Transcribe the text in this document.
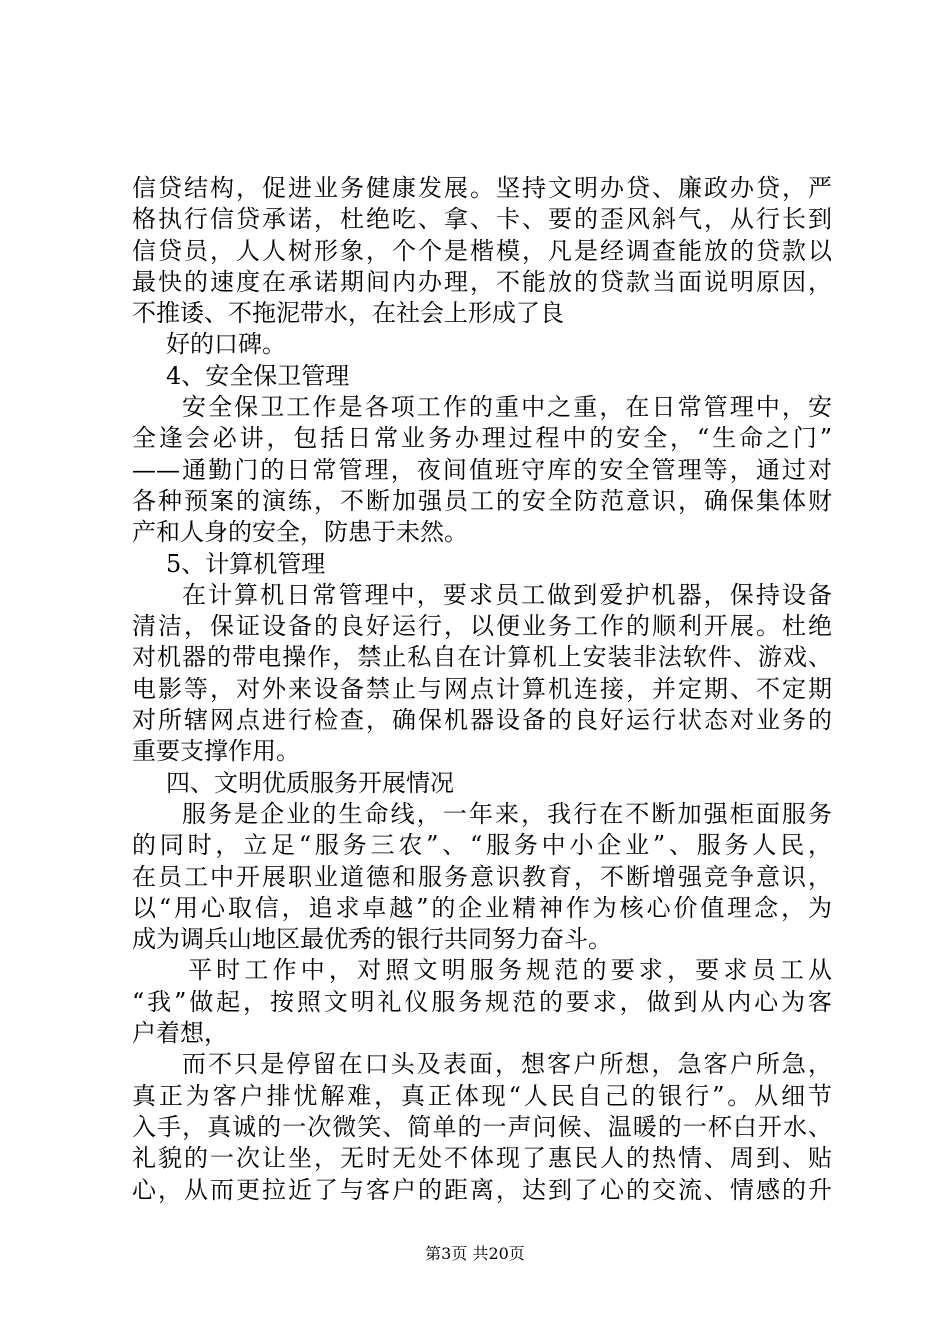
信贷结构，促进业务健康发展。坚持文明办贷、廉政办贷，严
格执行信贷承诺，杜绝吃、拿、卡、要的歪风斜气，从行长到
信贷员，人人树形象，个个是楷模，凡是经调查能放的贷款以
最快的速度在承诺期间内办理，不能放的贷款当面说明原因，
不推诿、不拖泥带水，在社会上形成了良
好的口碑。
4、安全保卫管理
安全保卫工作是各项工作的重中之重，在日常管理中，安
全逢会必讲，包括日常业务办理过程中的安全，“生命之门”
——通勤门的日常管理，夜间值班守库的安全管理等，通过对
各种预案的演练，不断加强员工的安全防范意识，确保集体财
产和人身的安全，防患于未然。
5、计算机管理
在计算机日常管理中，要求员工做到爱护机器，保持设备
清洁，保证设备的良好运行，以便业务工作的顺利开展。杜绝
对机器的带电操作，禁止私自在计算机上安装非法软件、游戏、
电影等，对外来设备禁止与网点计算机连接，并定期、不定期
对所辖网点进行检查，确保机器设备的良好运行状态对业务的
重要支撑作用。
四、文明优质服务开展情况
服务是企业的生命线，一年来，我行在不断加强柜面服务
的同时，立足“服务三农”、“服务中小企业”、服务人民，
在员工中开展职业道德和服务意识教育，不断增强竞争意识，
以“用心取信，追求卓越”的企业精神作为核心价值理念，为
成为调兵山地区最优秀的银行共同努力奋斗。
平时工作中，对照文明服务规范的要求，要求员工从
“我”做起，按照文明礼仪服务规范的要求，做到从内心为客
户着想，
而不只是停留在口头及表面，想客户所想，急客户所急，
真正为客户排忧解难，真正体现“人民自己的银行”。从细节
入手，真诚的一次微笑、简单的一声问候、温暖的一杯白开水、
礼貌的一次让坐，无时无处不体现了惠民人的热情、周到、贴
心，从而更拉近了与客户的距离，达到了心的交流、情感的升
第3页 共20页
